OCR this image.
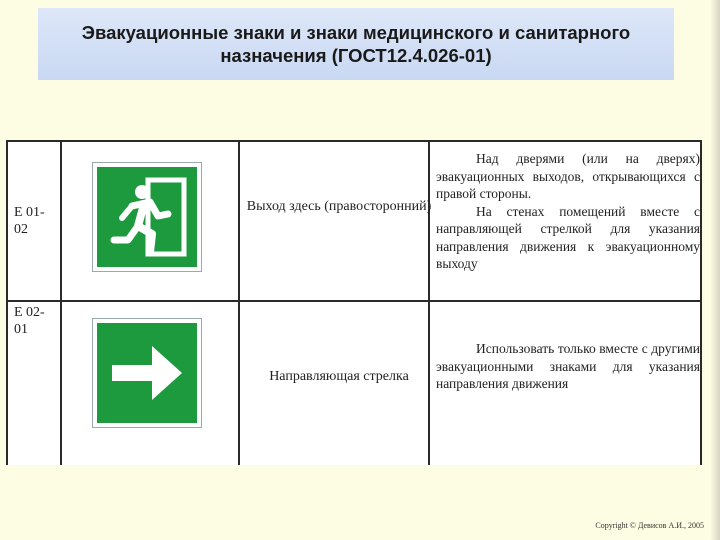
Эвакуационные знаки и знаки медицинского и санитарного назначения (ГОСТ12.4.026-01)
Е 01-
02
Выход здесь (правосторонний)

Над дверями (или на дверях) эвакуационных выходов, открывающихся с правой стороны.

На стенах помещений вместе с направляющей стрелкой для указания направления движения к эвакуационному выходу

Е 02-
01
Направляющая стрелка

Использовать только вместе с другими эвакуационными знаками для указания направления движения

Copyright © Девисов А.И., 2005
